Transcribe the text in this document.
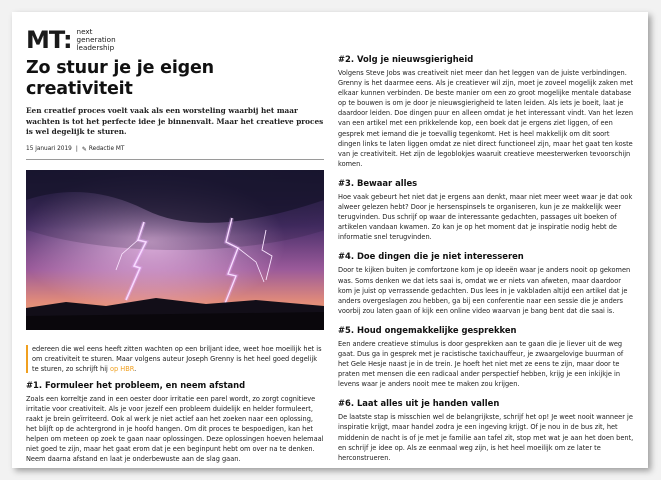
MT: next
generation
leadership
Zo stuur je je eigen creativiteit

Een creatief proces voelt vaak als een worsteling waarbij het maar wachten is tot het perfecte idee je binnenvalt. Maar het creatieve proces is wel degelijk te sturen.

15 januari 2019 | ✎ Redactie MT

edereen die wel eens heeft zitten wachten op een briljant idee, weet hoe moeilijk het is om creativiteit te sturen. Maar volgens auteur Joseph Grenny is het heel goed degelijk te sturen, zo schrijft hij op HBR.

#1. Formuleer het probleem, en neem afstand

Zoals een korreltje zand in een oester door irritatie een parel wordt, zo zorgt cognitieve irritatie voor creativiteit. Als je voor jezelf een probleem duidelijk en helder formuleert, raakt je brein geïrriteerd. Ook al werk je niet actief aan het zoeken naar een oplossing, het blijft op de achtergrond in je hoofd hangen. Om dit proces te bespoedigen, kan het helpen om meteen op zoek te gaan naar oplossingen. Deze oplossingen hoeven helemaal niet goed te zijn, maar het gaat erom dat je een beginpunt hebt om over na te denken. Neem daarna afstand en laat je onderbewuste aan de slag gaan.

#2. Volg je nieuwsgierigheid

Volgens Steve Jobs was creativeit niet meer dan het leggen van de juiste verbindingen. Grenny is het daarmee eens. Als je creatiever wil zijn, moet je zoveel mogelijk zaken met elkaar kunnen verbinden. De beste manier om een zo groot mogelijke mentale database op te bouwen is om je door je nieuwsgierigheid te laten leiden. Als iets je boeit, laat je daardoor leiden. Doe dingen puur en alleen omdat je het interessant vindt. Van het lezen van een artikel met een prikkelende kop, een boek dat je ergens ziet liggen, of een gesprek met iemand die je toevallig tegenkomt. Het is heel makkelijk om dit soort dingen links te laten liggen omdat ze niet direct functioneel zijn, maar het gaat ten koste van je creativiteit. Het zijn de legoblokjes waaruit creatieve meesterwerken tevoorschijn komen.

#3. Bewaar alles

Hoe vaak gebeurt het niet dat je ergens aan denkt, maar niet meer weet waar je dat ook alweer gelezen hebt? Door je hersenspinsels te organiseren, kun je ze makkelijk weer terugvinden. Dus schrijf op waar de interessante gedachten, passages uit boeken of artikelen vandaan kwamen. Zo kan je op het moment dat je inspiratie nodig hebt de informatie snel terugvinden.

#4. Doe dingen die je niet interesseren

Door te kijken buiten je comfortzone kom je op ideeën waar je anders nooit op gekomen was. Soms denken we dat iets saai is, omdat we er niets van afweten, maar daardoor kom je juist op verrassende gedachten. Dus lees in je vakbladen altijd een artikel dat je anders overgeslagen zou hebben, ga bij een conferentie naar een sessie die je anders voorbij zou laten gaan of kijk een online video waarvan je bang bent dat die saai is.

#5. Houd ongemakkelijke gesprekken

Een andere creatieve stimulus is door gesprekken aan te gaan die je liever uit de weg gaat. Dus ga in gesprek met je racistische taxichauffeur, je zwaargelovige buurman of het Gele Hesje naast je in de trein. Je hoeft het niet met ze eens te zijn, maar door te praten met mensen die een radicaal ander perspectief hebben, krijg je een inkijkje in levens waar je anders nooit mee te maken zou krijgen.

#6. Laat alles uit je handen vallen

De laatste stap is misschien wel de belangrijkste, schrijf het op! Je weet nooit wanneer je inspiratie krijgt, maar handel zodra je een ingeving krijgt. Of je nou in de bus zit, het middenin de nacht is of je met je familie aan tafel zit, stop met wat je aan het doen bent, en schrijf je idee op. Als ze eenmaal weg zijn, is het heel moeilijk om ze later te herconstrueren.
